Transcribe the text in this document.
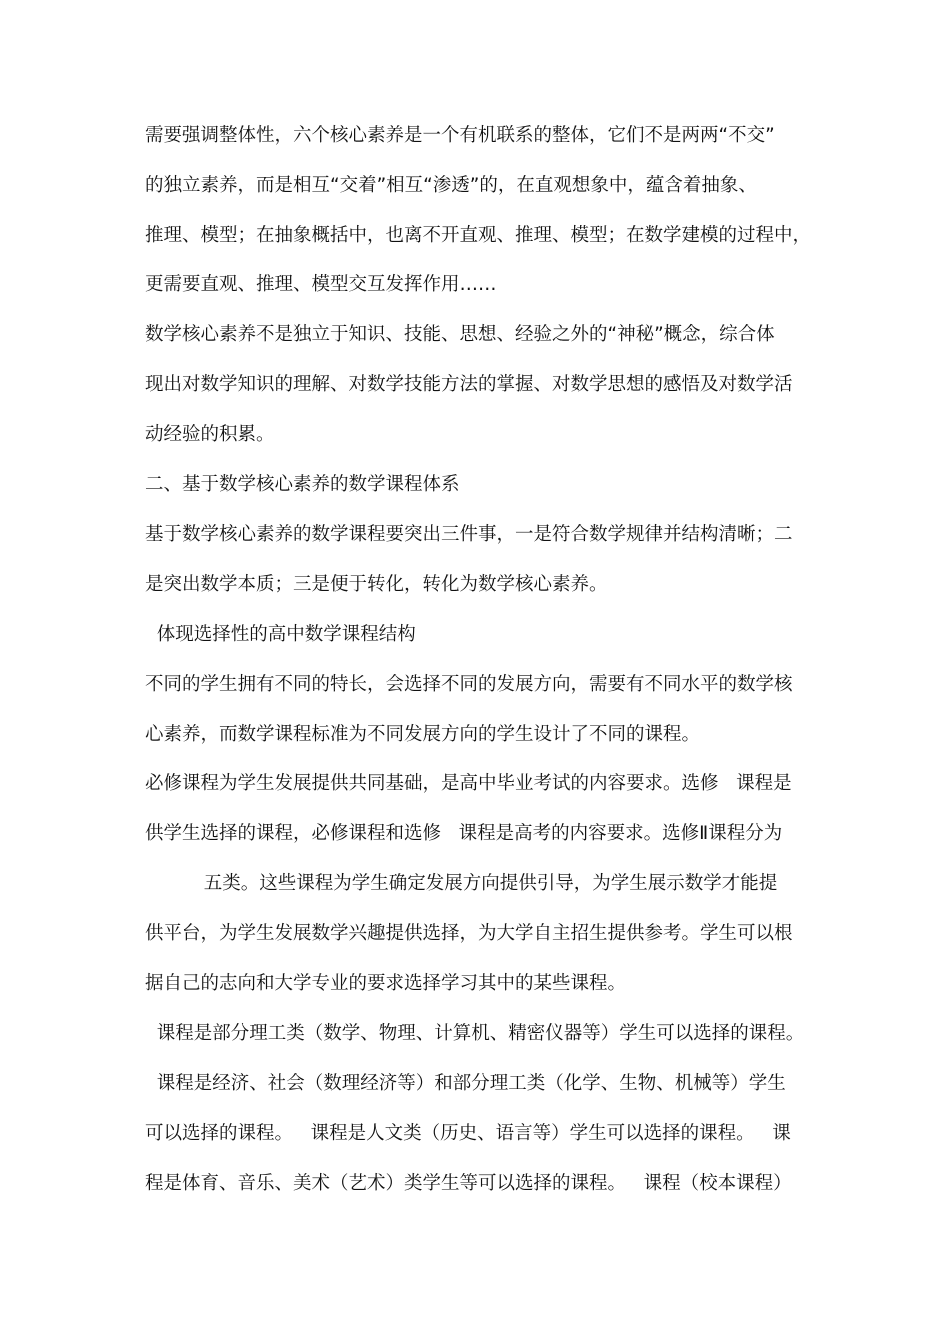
需要强调整体性，六个核心素养是一个有机联系的整体，它们不是两两“不交”
的独立素养，而是相互“交着”相互“渗透”的，在直观想象中，蕴含着抽象、
推理、模型；在抽象概括中，也离不开直观、推理、模型；在数学建模的过程中，
更需要直观、推理、模型交互发挥作用……
数学核心素养不是独立于知识、技能、思想、经验之外的“神秘”概念，综合体
现出对数学知识的理解、对数学技能方法的掌握、对数学思想的感悟及对数学活
动经验的积累。
二、基于数学核心素养的数学课程体系
基于数学核心素养的数学课程要突出三件事，一是符合数学规律并结构清晰；二
是突出数学本质；三是便于转化，转化为数学核心素养。
体现选择性的高中数学课程结构
不同的学生拥有不同的特长，会选择不同的发展方向，需要有不同水平的数学核
心素养，而数学课程标准为不同发展方向的学生设计了不同的课程。
必修课程为学生发展提供共同基础，是高中毕业考试的内容要求。选修   课程是
供学生选择的课程，必修课程和选修   课程是高考的内容要求。选修Ⅱ课程分为
五类。这些课程为学生确定发展方向提供引导，为学生展示数学才能提
供平台，为学生发展数学兴趣提供选择，为大学自主招生提供参考。学生可以根
据自己的志向和大学专业的要求选择学习其中的某些课程。
课程是部分理工类（数学、物理、计算机、精密仪器等）学生可以选择的课程。
课程是经济、社会（数理经济等）和部分理工类（化学、生物、机械等）学生
可以选择的课程。   课程是人文类（历史、语言等）学生可以选择的课程。   课
程是体育、音乐、美术（艺术）类学生等可以选择的课程。   课程（校本课程）
